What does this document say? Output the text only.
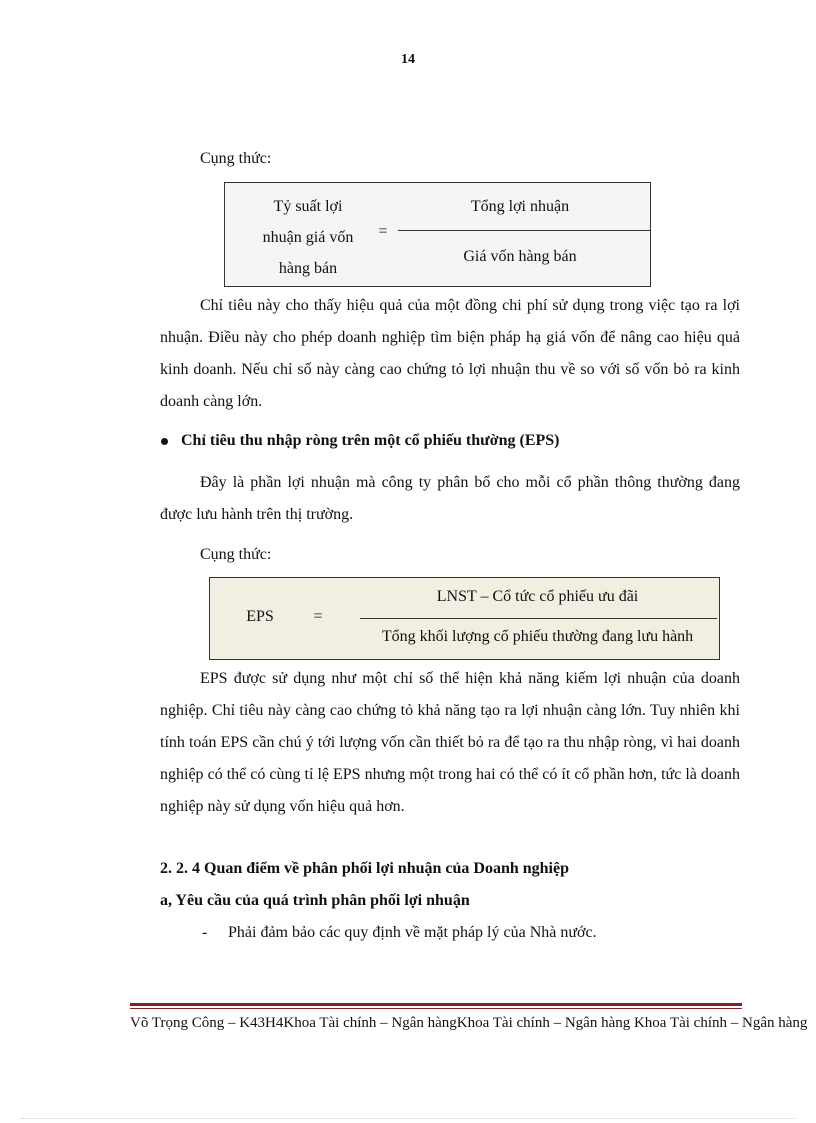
14
Cụng thức:
Tỷ suất lợi
nhuận giá vốn
hàng bán
=
Tổng lợi nhuận
Giá vốn hàng bán
Chỉ tiêu này cho thấy hiệu quả của một đồng chi phí sử dụng trong việc tạo ra lợi nhuận. Điều này cho phép doanh nghiệp tìm biện pháp hạ giá vốn để nâng cao hiệu quả kinh doanh. Nếu chỉ số này càng cao chứng tỏ lợi nhuận thu về so với số vốn bỏ ra kinh doanh càng lớn.
Chỉ tiêu thu nhập ròng trên một cổ phiếu thường (EPS)
Đây là phần lợi nhuận mà công ty phân bổ cho mỗi cổ phần thông thường đang được lưu hành trên thị trường.
Cụng thức:
EPS	=
LNST – Cổ tức cổ phiếu ưu đãi
Tổng khối lượng cổ phiếu thường đang lưu hành
EPS được sử dụng như một chỉ số thể hiện khả năng kiếm lợi nhuận của doanh nghiệp. Chỉ tiêu này càng cao chứng tỏ khả năng tạo ra lợi nhuận càng lớn. Tuy nhiên khi tính toán EPS cần chú ý tới lượng vốn cần thiết bỏ ra để tạo ra thu nhập ròng, vì hai doanh nghiệp có thể có cùng tỉ lệ EPS nhưng một trong hai có thể có ít cổ phần hơn, tức là doanh nghiệp này sử dụng vốn hiệu quả hơn.
2. 2. 4 Quan điểm về phân phối lợi nhuận của Doanh nghiệp
a, Yêu cầu của quá trình phân phối lợi nhuận
- Phải đảm bảo các quy định về mặt pháp lý của Nhà nước.
Võ Trọng Công – K43H4Khoa Tài chính – Ngân hàngKhoa Tài chính – Ngân hàng Khoa Tài chính – Ngân hàng
